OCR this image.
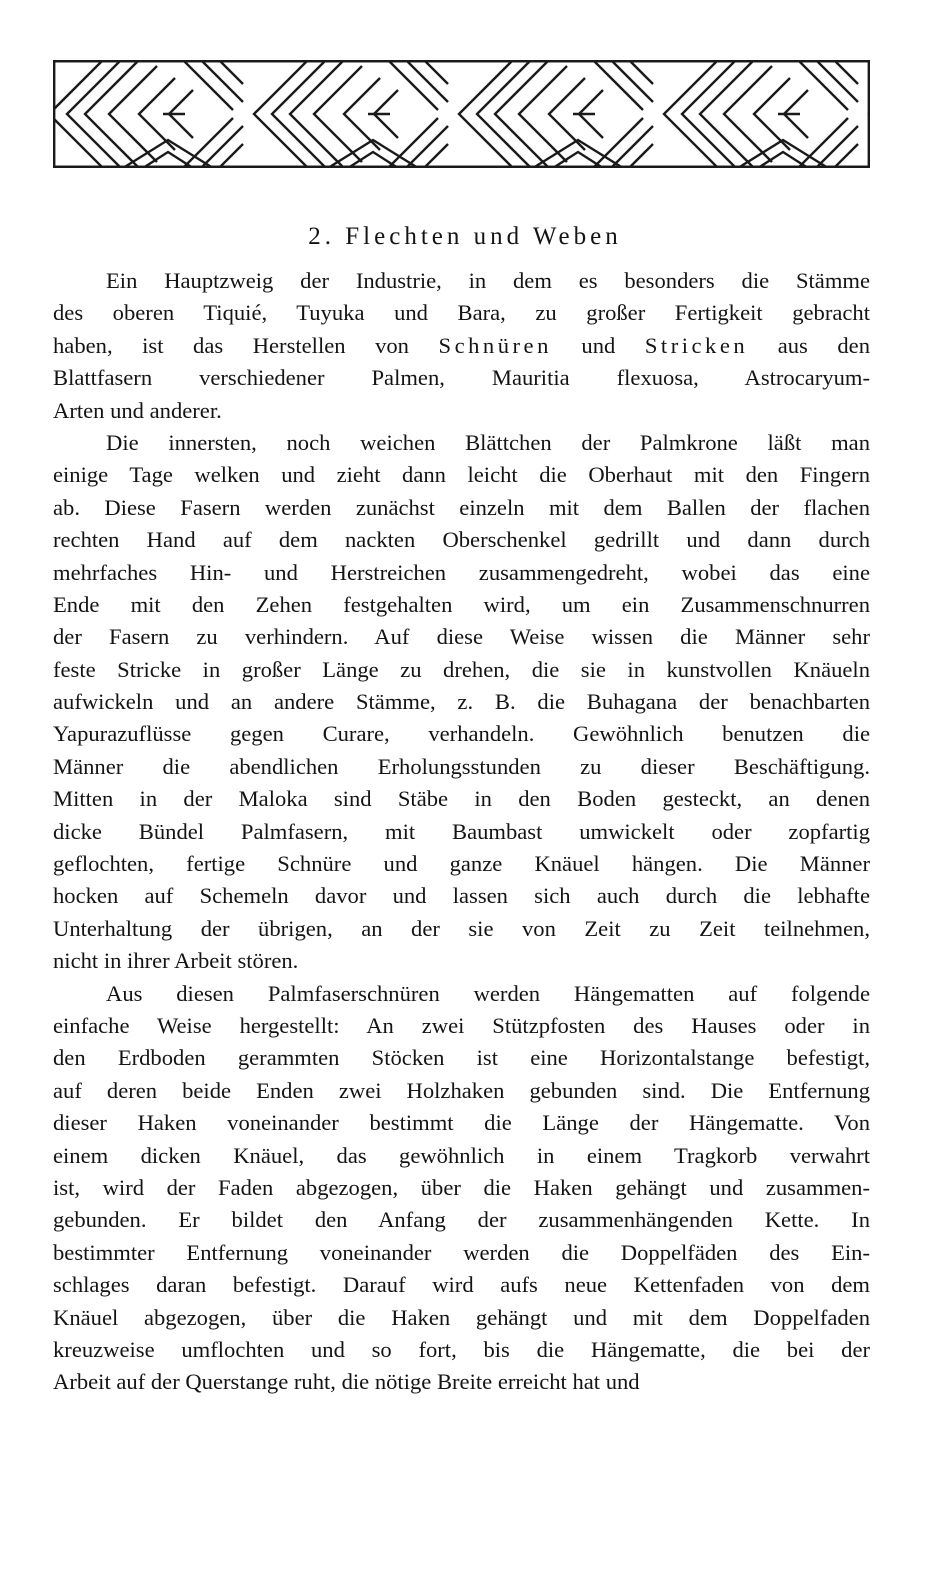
2. Flechten und Weben
Ein Hauptzweig der Industrie, in dem es besonders die Stämme
des oberen Tiquié, Tuyuka und Bara, zu großer Fertigkeit gebracht
haben, ist das Herstellen von Schnüren und Stricken aus den
Blattfasern verschiedener Palmen, Mauritia flexuosa, Astrocaryum-
Arten und anderer.
Die innersten, noch weichen Blättchen der Palmkrone läßt man
einige Tage welken und zieht dann leicht die Oberhaut mit den Fingern
ab. Diese Fasern werden zunächst einzeln mit dem Ballen der flachen
rechten Hand auf dem nackten Oberschenkel gedrillt und dann durch
mehrfaches Hin- und Herstreichen zusammengedreht, wobei das eine
Ende mit den Zehen festgehalten wird, um ein Zusammenschnurren
der Fasern zu verhindern. Auf diese Weise wissen die Männer sehr
feste Stricke in großer Länge zu drehen, die sie in kunstvollen Knäueln
aufwickeln und an andere Stämme, z. B. die Buhagana der benachbarten
Yapurazuflüsse gegen Curare, verhandeln. Gewöhnlich benutzen die
Männer die abendlichen Erholungsstunden zu dieser Beschäftigung.
Mitten in der Maloka sind Stäbe in den Boden gesteckt, an denen
dicke Bündel Palmfasern, mit Baumbast umwickelt oder zopfartig
geflochten, fertige Schnüre und ganze Knäuel hängen. Die Männer
hocken auf Schemeln davor und lassen sich auch durch die lebhafte
Unterhaltung der übrigen, an der sie von Zeit zu Zeit teilnehmen,
nicht in ihrer Arbeit stören.
Aus diesen Palmfaserschnüren werden Hängematten auf folgende
einfache Weise hergestellt: An zwei Stützpfosten des Hauses oder in
den Erdboden gerammten Stöcken ist eine Horizontalstange befestigt,
auf deren beide Enden zwei Holzhaken gebunden sind. Die Entfernung
dieser Haken voneinander bestimmt die Länge der Hängematte. Von
einem dicken Knäuel, das gewöhnlich in einem Tragkorb verwahrt
ist, wird der Faden abgezogen, über die Haken gehängt und zusammen-
gebunden. Er bildet den Anfang der zusammenhängenden Kette. In
bestimmter Entfernung voneinander werden die Doppelfäden des Ein-
schlages daran befestigt. Darauf wird aufs neue Kettenfaden von dem
Knäuel abgezogen, über die Haken gehängt und mit dem Doppelfaden
kreuzweise umflochten und so fort, bis die Hängematte, die bei der
Arbeit auf der Querstange ruht, die nötige Breite erreicht hat und
